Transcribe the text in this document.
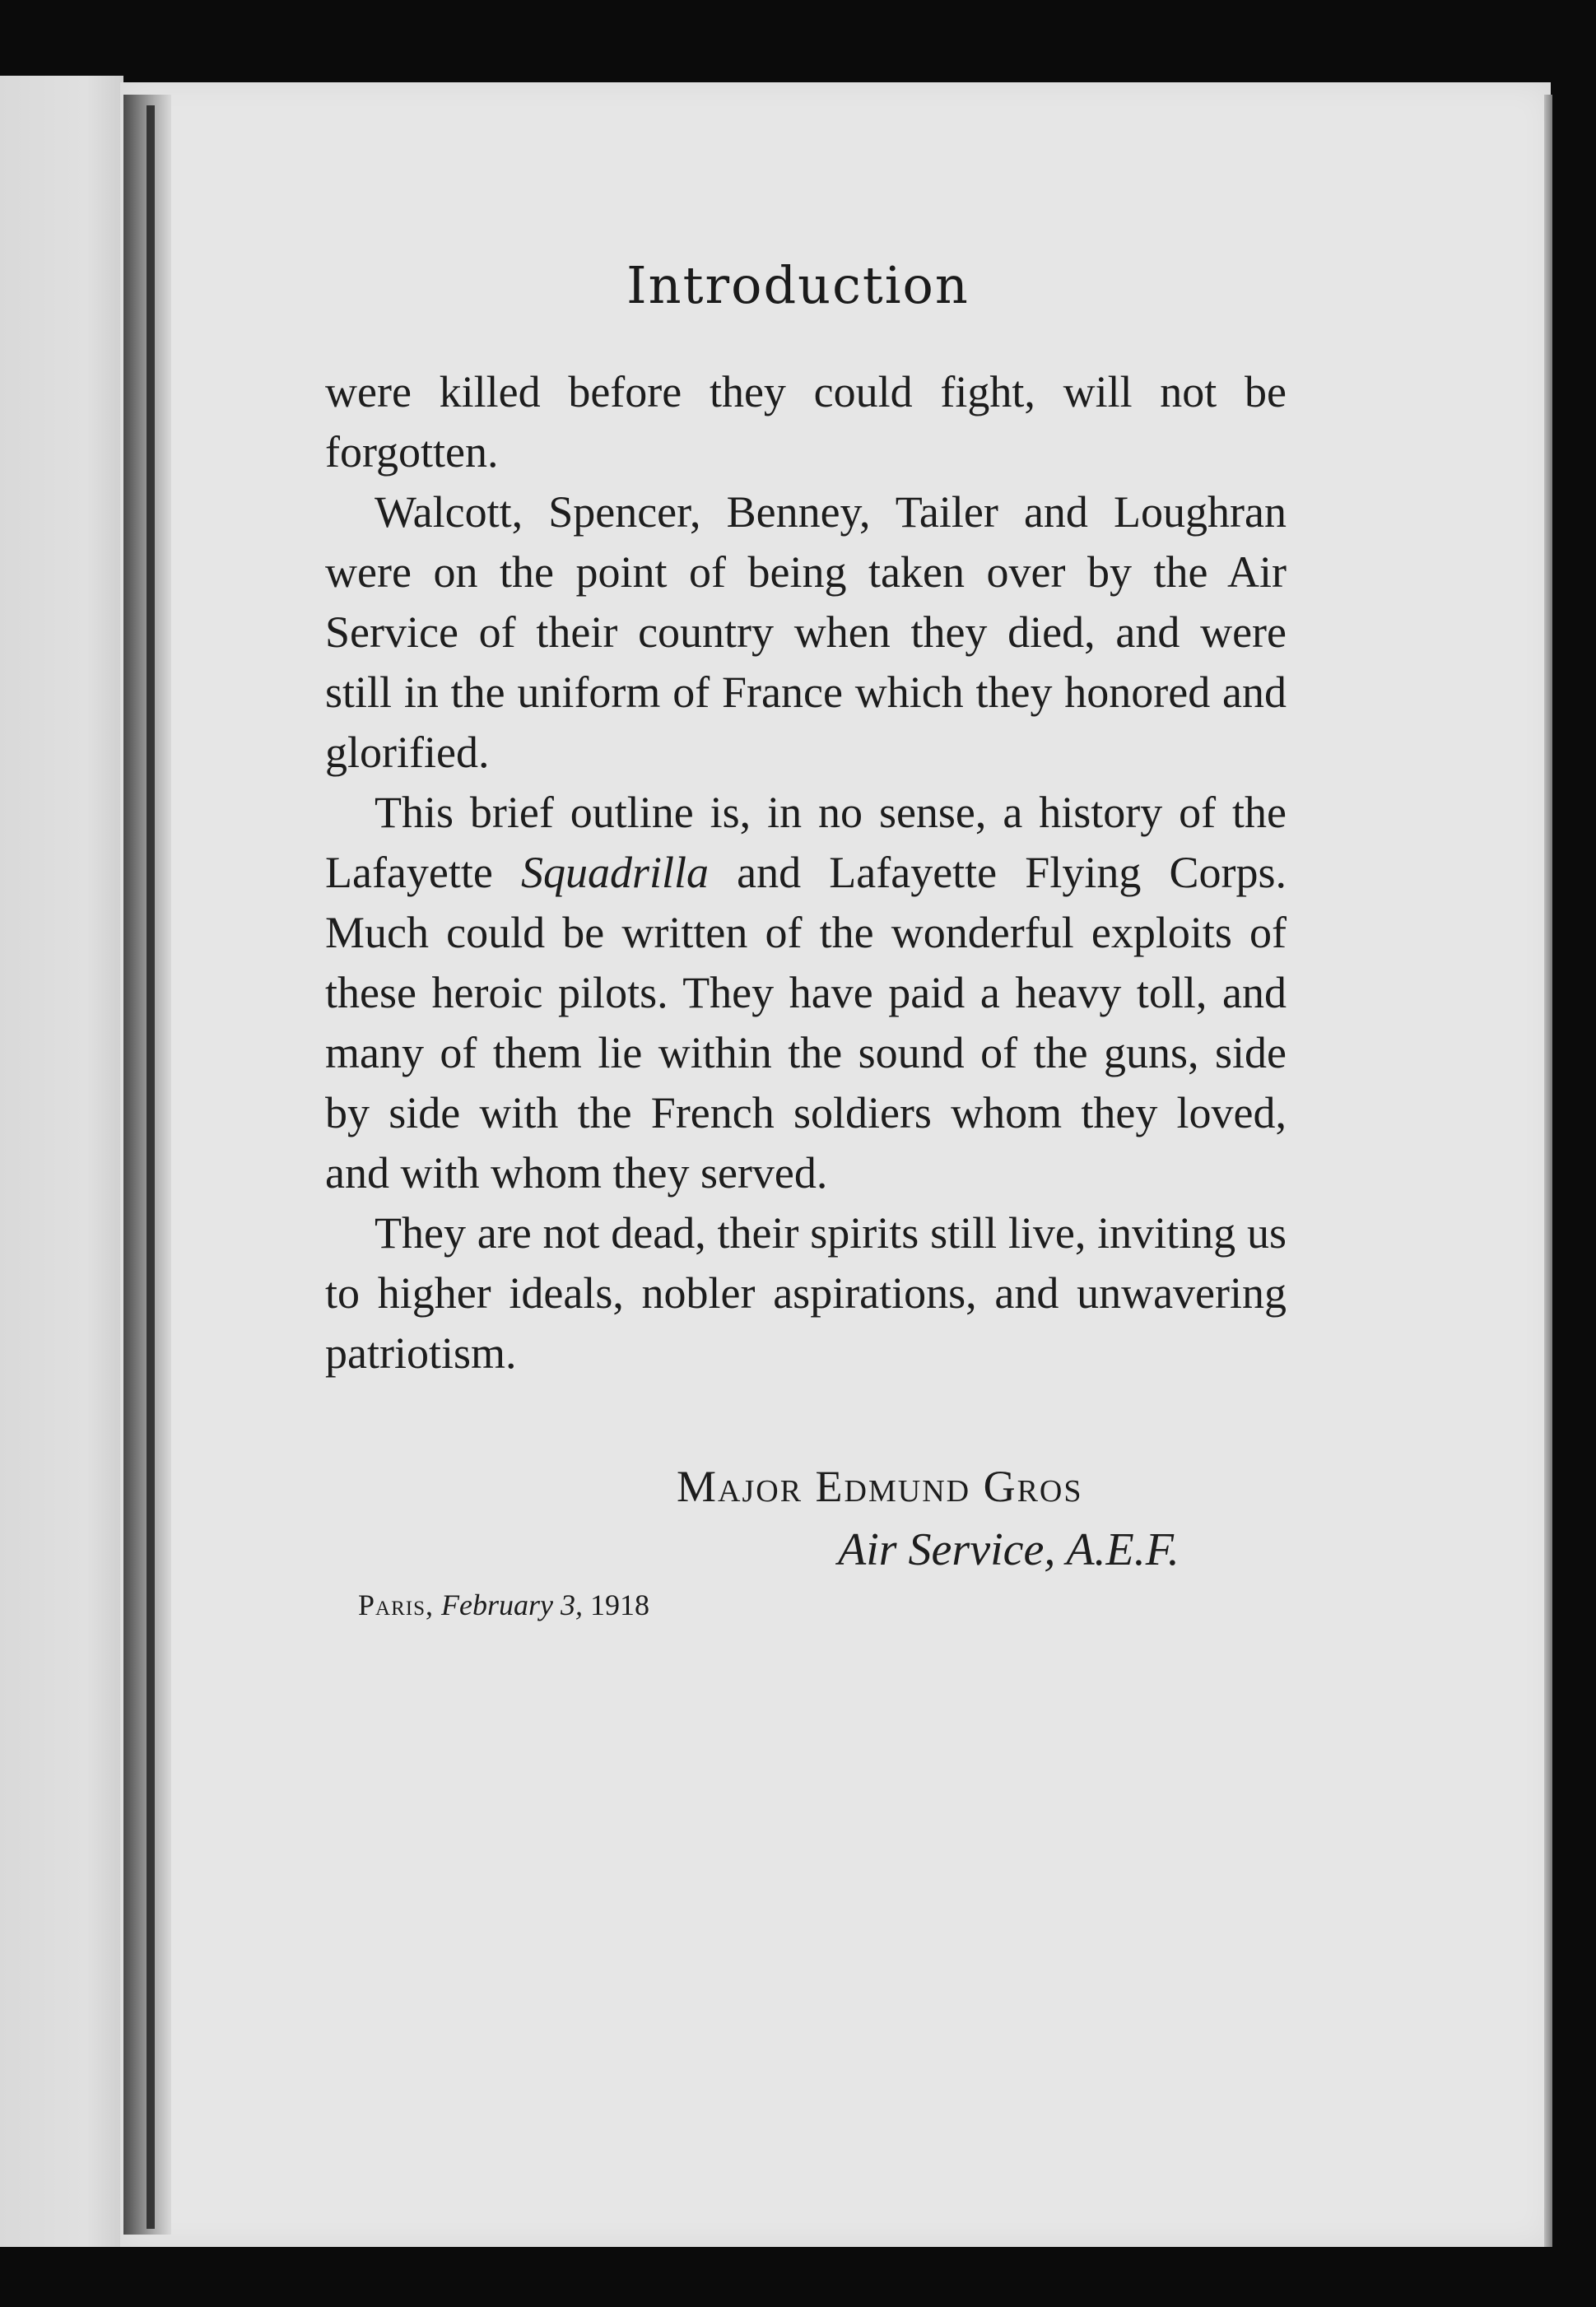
Introduction

were killed before they could fight, will not be forgotten.

Walcott, Spencer, Benney, Tailer and Loughran were on the point of being taken over by the Air Service of their country when they died, and were still in the uniform of France which they honored and glorified.

This brief outline is, in no sense, a history of the Lafayette Squadrilla and Lafayette Flying Corps. Much could be written of the wonderful exploits of these heroic pilots. They have paid a heavy toll, and many of them lie within the sound of the guns, side by side with the French soldiers whom they loved, and with whom they served.

They are not dead, their spirits still live, inviting us to higher ideals, nobler aspirations, and unwavering patriotism.

Major Edmund Gros
Air Service, A.E.F.
Paris, February 3, 1918
